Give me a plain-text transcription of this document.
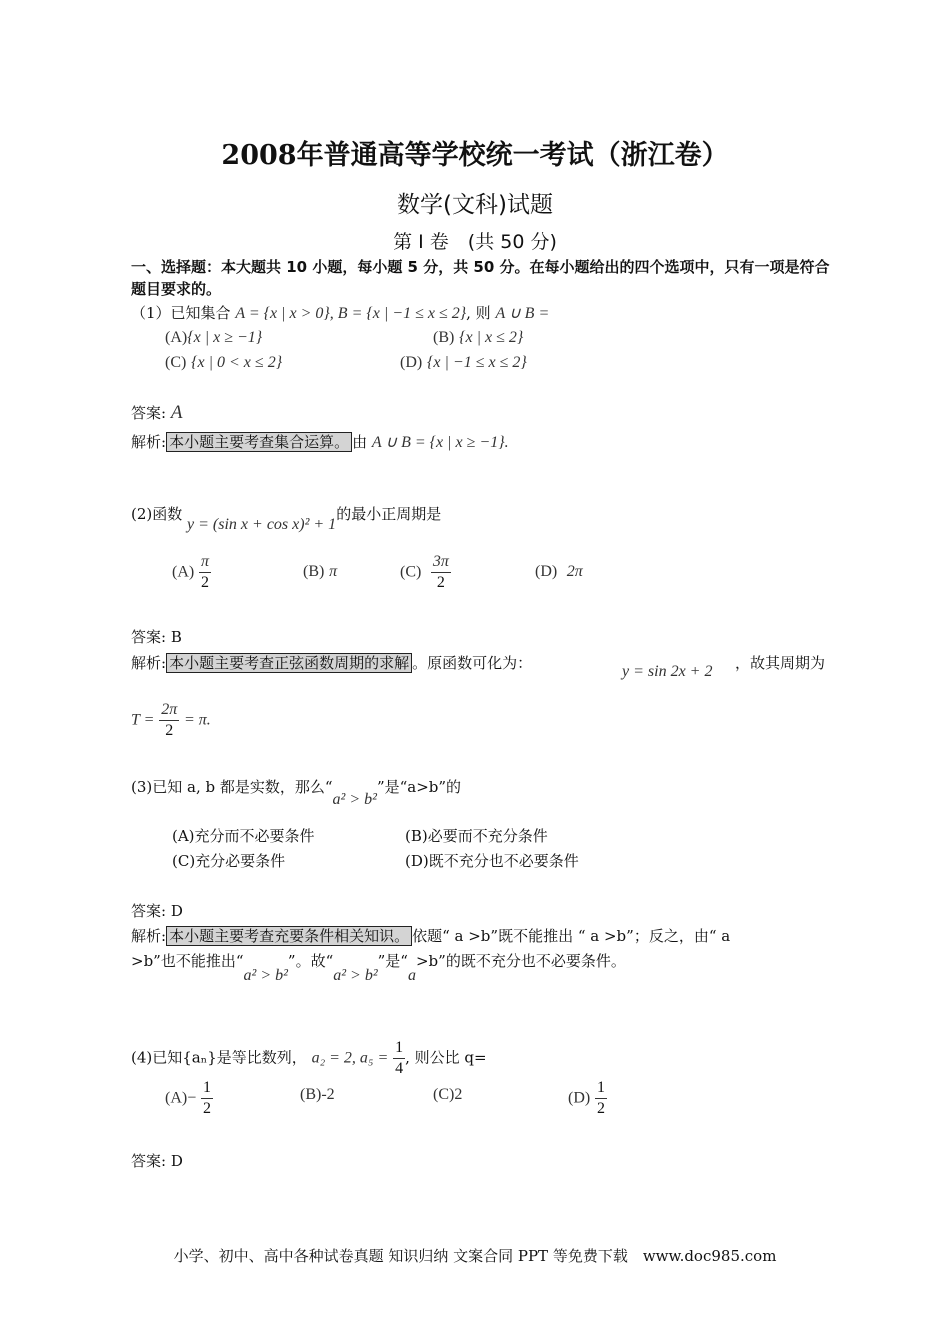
2008年普通高等学校统一考试（浙江卷）
数学(文科)试题
第 I 卷　(共 50 分)
一、选择题：本大题共 10 小题，每小题 5 分，共 50 分。在每小题给出的四个选项中，只有一项是符合题目要求的。
（1）已知集合 A = {x | x > 0}, B = {x | −1 ≤ x ≤ 2}, 则 A ∪ B =
(A){x | x ≥ −1}	(B) {x | x ≤ 2}
(C) {x | 0 < x ≤ 2}	(D) {x | −1 ≤ x ≤ 2}
答案: A
解析: 本小题主要考查集合运算。 由 A ∪ B = {x | x ≥ −1}.
(2)函数 y = (sin x + cos x)² + 1的最小正周期是
$(A) \frac{\pi}{2}$	(B) π	$(C) \frac{3\pi}{2}$	(D) 2π
答案: B
解析: 本小题主要考查正弦函数周期的求解 。原函数可化为：	y = sin 2x + 2 ，故其周期为
$T = \frac{2\pi}{2} = \pi$.
(3)已知 a, b 都是实数，那么“a² > b²”是“a>b”的
(A)充分而不必要条件	(B)必要而不充分条件
(C)充分必要条件	(D)既不充分也不必要条件
答案: D
解析: 本小题主要考查充要条件相关知识。 依题“ a >b”既不能推出 “ a >b”；反之，由“ a
>b”也不能推出“a² > b²”。故“a² > b²”是“a>b”的既不充分也不必要条件。
(4)已知{aₙ}是等比数列， a₂ = 2, $a_5 = \frac{1}{4}$ , 则公比 q=
$(A)- \frac{1}{2}$	(B)-2	(C)2	$(D) \frac{1}{2}$
答案: D
小学、初中、高中各种试卷真题 知识归纳 文案合同 PPT 等免费下载　www.doc985.com
